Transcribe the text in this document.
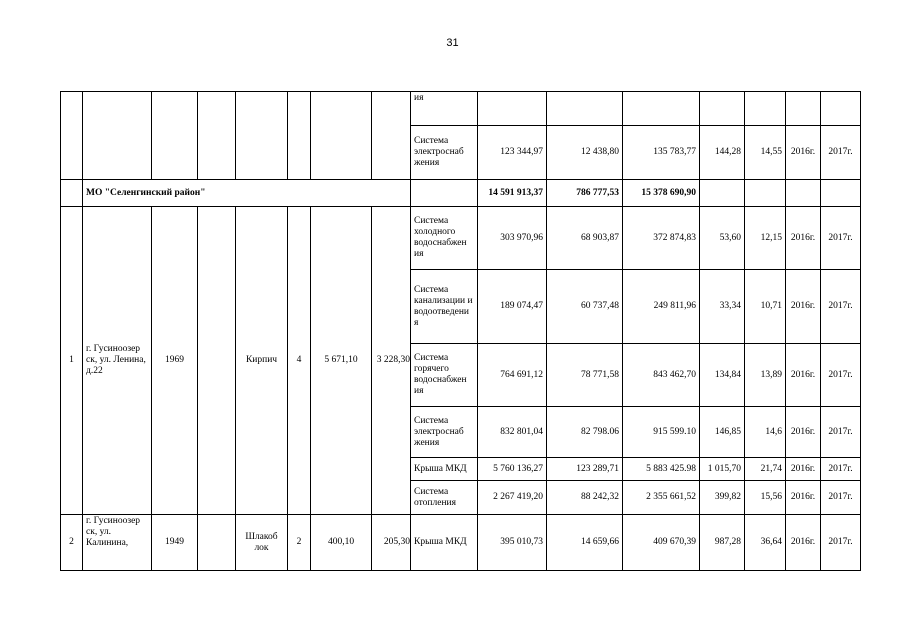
31
								ия							
								Система электроснаб жения	123 344,97	12 438,80	135 783,77	144,28	14,55	2016г.	2017г.
	МО "Селенгинский район"								14 591 913,37	786 777,53	15 378 690,90				
1	г. Гусиноозер ск, ул. Ленина, д.22	1969		Кирпич	4	5 671,10	3 228,30	Система холодного водоснабжен ия	303 970,96	68 903,87	372 874,83	53,60	12,15	2016г.	2017г.
								Система канализации и водоотведени я	189 074,47	60 737,48	249 811,96	33,34	10,71	2016г.	2017г.
								Система горячего водоснабжен ия	764 691,12	78 771,58	843 462,70	134,84	13,89	2016г.	2017г.
								Система электроснаб жения	832 801,04	82 798.06	915 599.10	146,85	14,6	2016г.	2017г.
								Крыша МКД	5 760 136,27	123 289,71	5 883 425.98	1 015,70	21,74	2016г.	2017г.
								Система отопления	2 267 419,20	88 242,32	2 355 661,52	399,82	15,56	2016г.	2017г.
2	г. Гусиноозер ск, ул. Калинина,	1949		Шлакоб лок	2	400,10	205,30	Крыша МКД	395 010,73	14 659,66	409 670,39	987,28	36,64	2016г.	2017г.
